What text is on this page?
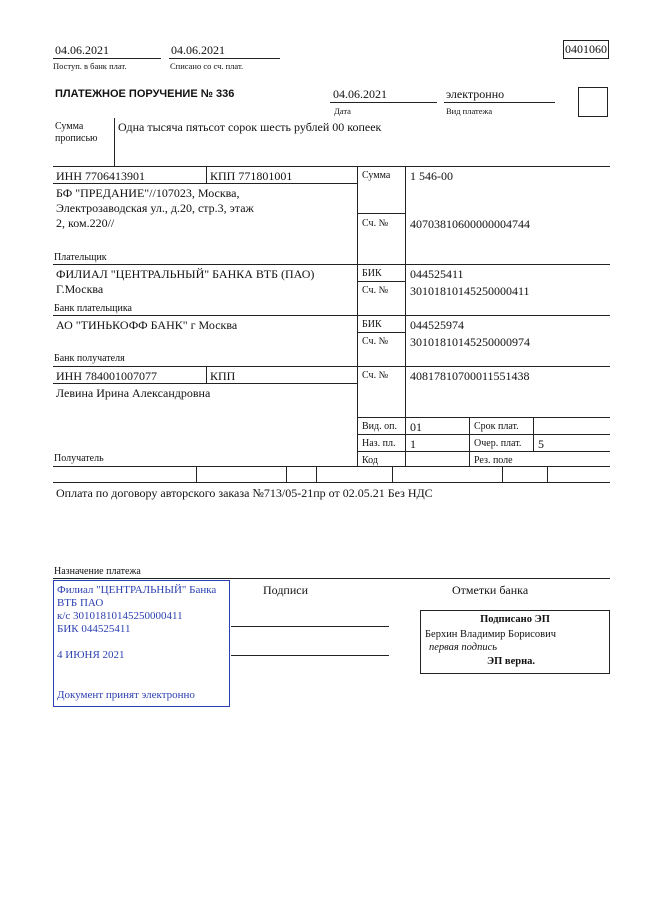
04.06.2021
Поступ. в банк плат.
04.06.2021
Списано со сч. плат.
0401060
ПЛАТЕЖНОЕ ПОРУЧЕНИЕ № 336	04.06.2021
Дата
электронно
Вид платежа
Сумма
прописью
Одна тысяча пятьсот сорок шесть рублей 00 копеек
ИНН 7706413901	КПП 771801001
БФ "ПРЕДАНИЕ"//107023, Москва,
Электрозаводская ул., д.20, стр.3, этаж
2, ком.220//
Плательщик
Сумма 1 546-00
Сч. № 40703810600000004744
ФИЛИАЛ "ЦЕНТРАЛЬНЫЙ" БАНКА ВТБ (ПАО)
Г.Москва
Банк плательщика
БИК 044525411
Сч. № 30101810145250000411
АО "ТИНЬКОФФ БАНК" г Москва
Банк получателя
БИК 044525974
Сч. № 30101810145250000974
ИНН 784001007077	КПП
Левина Ирина Александровна
Получатель
Сч. № 40817810700011551438
Вид. оп. 01	Срок плат.
Наз. пл. 1	Очер. плат. 5
Код	Рез. поле
Оплата по договору авторского заказа №713/05-21пр от 02.05.21 Без НДС
Назначение платежа
Подписи	Отметки банка
Филиал "ЦЕНТРАЛЬНЫЙ" Банка
ВТБ ПАО
к/с 30101810145250000411
БИК 044525411
4 ИЮНЯ 2021
Документ принят электронно
Подписано ЭП
Берхин Владимир Борисович
первая подпись
ЭП верна.
